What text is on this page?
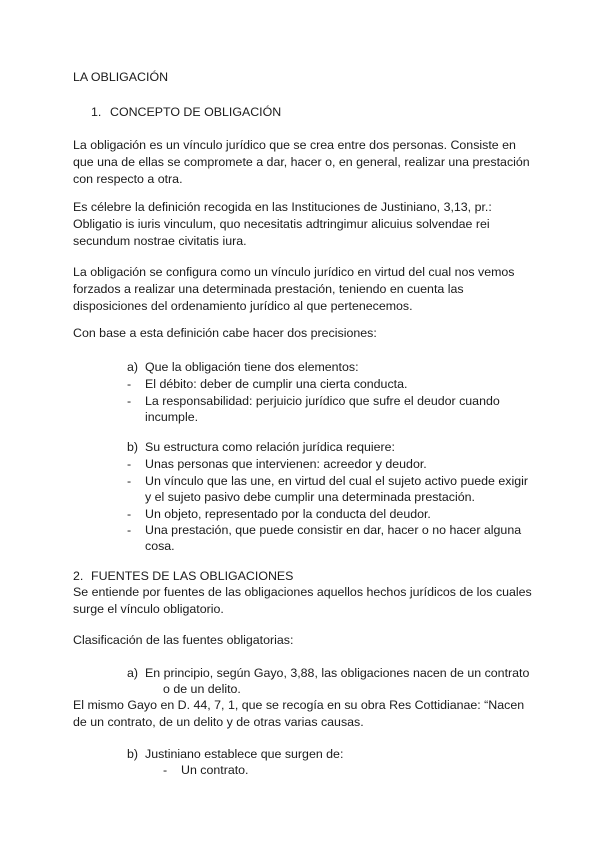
LA OBLIGACIÓN

1. CONCEPTO DE OBLIGACIÓN

La obligación es un vínculo jurídico que se crea entre dos personas. Consiste en

que una de ellas se compromete a dar, hacer o, en general, realizar una prestación

con respecto a otra.

Es célebre la definición recogida en las Instituciones de Justiniano, 3,13, pr.:

Obligatio is iuris vinculum, quo necesitatis adtringimur alicuius solvendae rei

secundum nostrae civitatis iura.

La obligación se configura como un vínculo jurídico en virtud del cual nos vemos

forzados a realizar una determinada prestación, teniendo en cuenta las

disposiciones del ordenamiento jurídico al que pertenecemos.

Con base a esta definición cabe hacer dos precisiones:

a) Que la obligación tiene dos elementos:
- El débito: deber de cumplir una cierta conducta.
- La responsabilidad: perjuicio jurídico que sufre el deudor cuando
incumple.
b) Su estructura como relación jurídica requiere:
- Unas personas que intervienen: acreedor y deudor.
- Un vínculo que las une, en virtud del cual el sujeto activo puede exigir
y el sujeto pasivo debe cumplir una determinada prestación.
- Un objeto, representado por la conducta del deudor.
- Una prestación, que puede consistir en dar, hacer o no hacer alguna
cosa.
2. FUENTES DE LAS OBLIGACIONES

Se entiende por fuentes de las obligaciones aquellos hechos jurídicos de los cuales

surge el vínculo obligatorio.

Clasificación de las fuentes obligatorias:

a) En principio, según Gayo, 3,88, las obligaciones nacen de un contrato
o de un delito.

El mismo Gayo en D. 44, 7, 1, que se recogía en su obra Res Cottidianae: “Nacen

de un contrato, de un delito y de otras varias causas.

b) Justiniano establece que surgen de:
- Un contrato.
